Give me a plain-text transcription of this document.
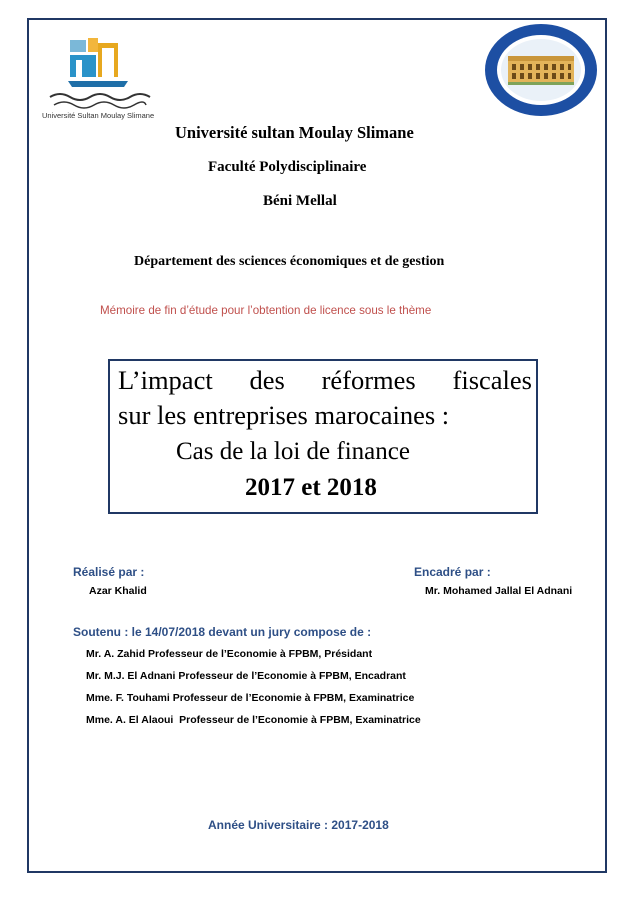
Université Sultan Moulay Slimane
Université sultan Moulay Slimane
Faculté Polydisciplinaire
Béni Mellal
Département des sciences économiques et de gestion
Mémoire de fin d’étude pour l’obtention de licence sous le thème
L’impact des réformes fiscales
sur les entreprises marocaines :
Cas de la loi de finance
2017 et 2018
Réalisé par :
Azar Khalid
Encadré par :
Mr. Mohamed Jallal El Adnani
Soutenu : le 14/07/2018 devant un jury compose de :
Mr. A. Zahid Professeur de l’Economie à FPBM, Présidant
Mr. M.J. El Adnani Professeur de l’Economie à FPBM, Encadrant
Mme. F. Touhami Professeur de l’Economie à FPBM, Examinatrice
Mme. A. El Alaoui  Professeur de l’Economie à FPBM, Examinatrice
Année Universitaire : 2017-2018
